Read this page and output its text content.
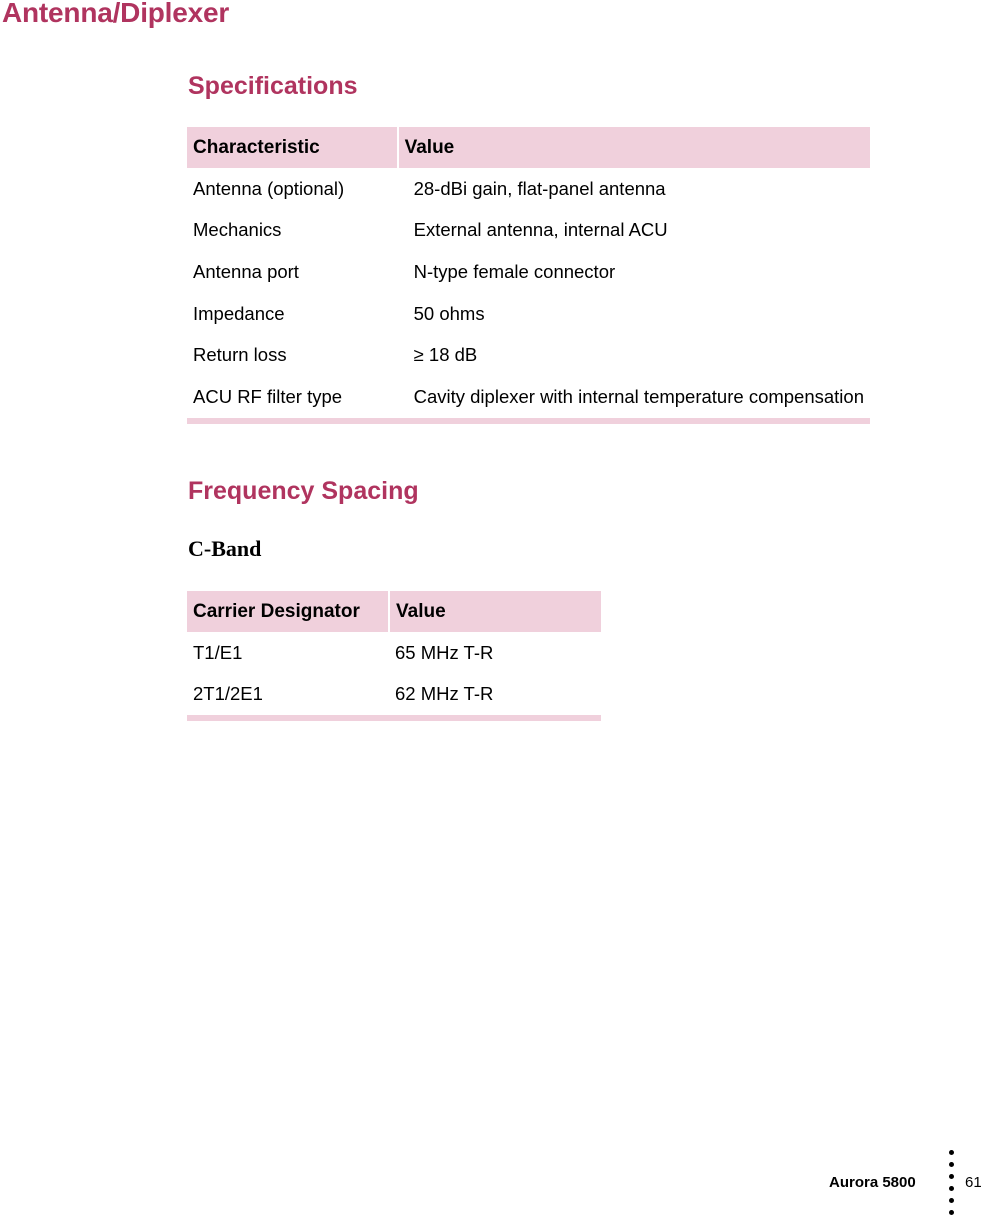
Antenna/Diplexer
Specifications
Characteristic	Value
Antenna (optional)	28-dBi gain, flat-panel antenna
Mechanics	External antenna, internal ACU
Antenna port	N-type female connector
Impedance	50 ohms
Return loss	≥ 18 dB
ACU RF filter type	Cavity diplexer with internal temperature compensation
Frequency Spacing
C-Band
Carrier Designator	Value
T1/E1	65 MHz T-R
2T1/2E1	62 MHz T-R
Aurora 5800	61
